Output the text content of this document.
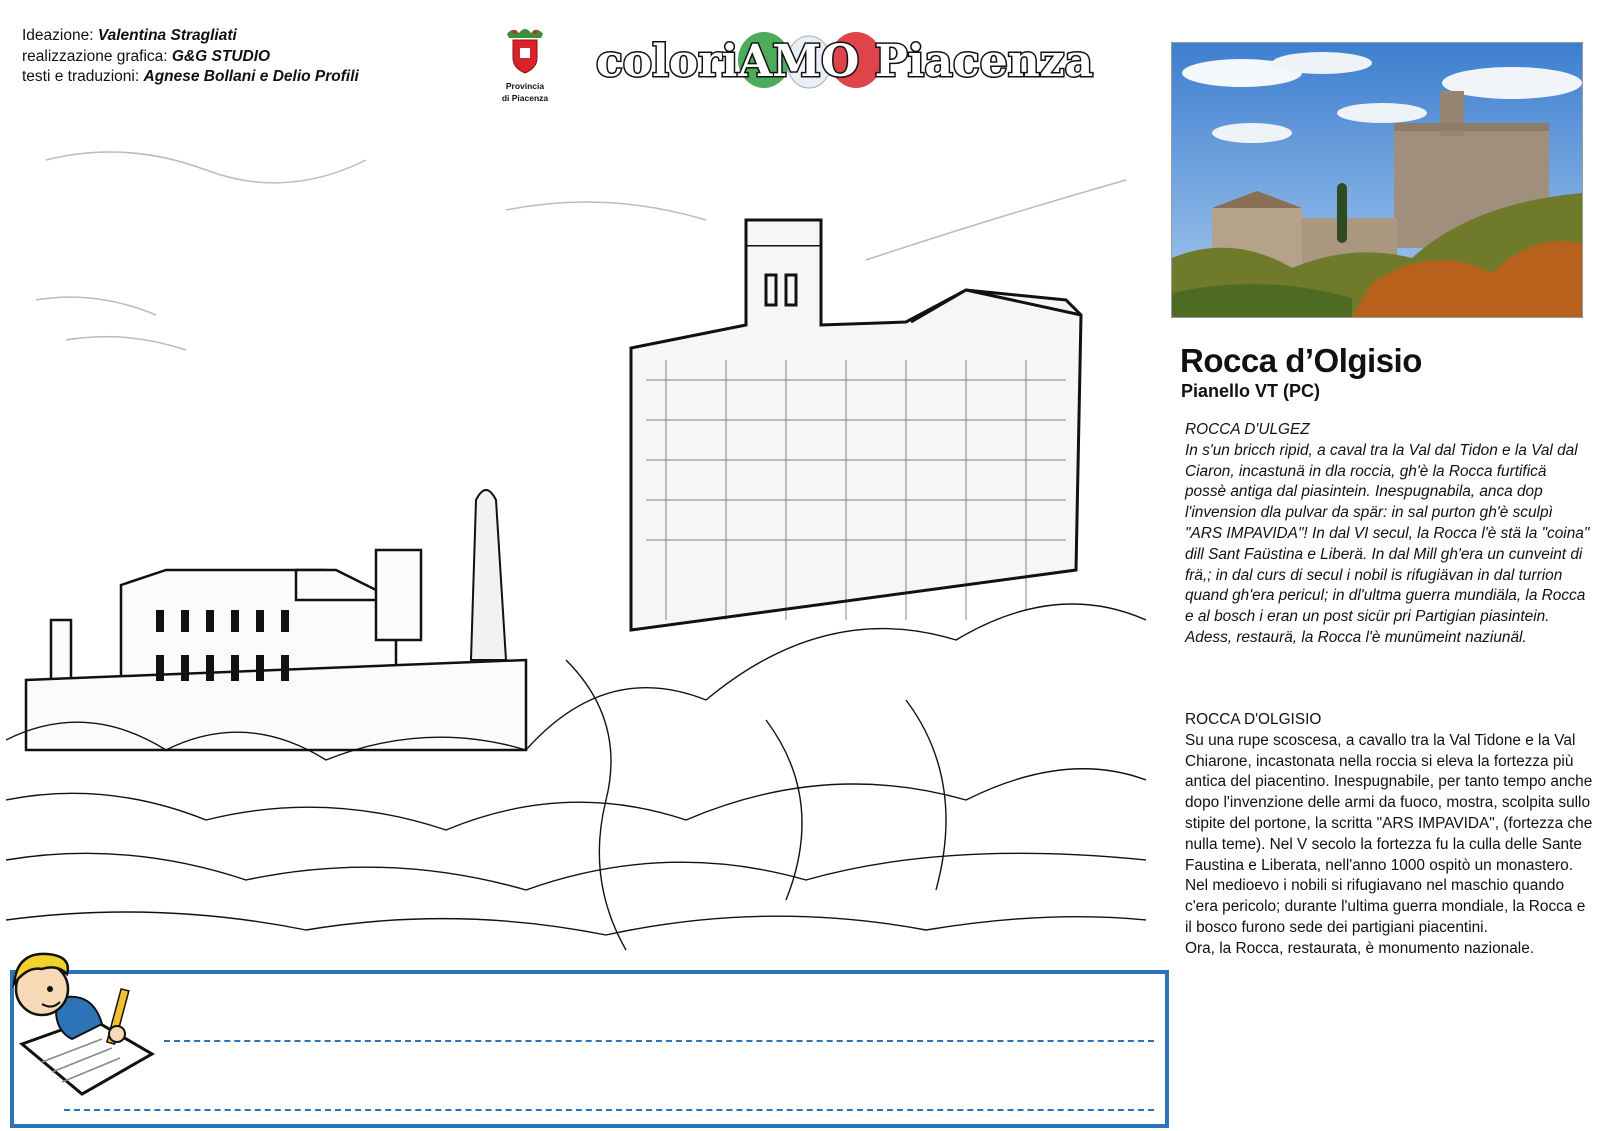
Ideazione: Valentina Stragliati
realizzazione grafica: G&G STUDIO
testi e traduzioni: Agnese Bollani e Delio Profili
Provincia
di Piacenza
coloriAMO Piacenza
Rocca d’Olgisio
Pianello VT (PC)
ROCCA D'ULGEZ
In s'un bricch ripid, a caval tra la Val dal Tidon e la Val dal Ciaron, incastunä in dla roccia, gh'è la Rocca furtificä possè antiga dal piasintein. Inespugnabila, anca dop l'invension dla pulvar da spär: in sal purton gh'è sculpì "ARS IMPAVIDA"! In dal VI secul, la Rocca l'è stä la "coina" dill Sant Faüstina e Liberä. In dal Mill gh'era un cunveint di frä,; in dal curs di secul i nobil is rifugiävan in dal turrion quand gh'era pericul; in dl'ultma guerra mundiäla, la Rocca e al bosch i eran un post sicür pri Partigian piasintein. Adess, restaurä, la Rocca l'è munümeint naziunäl.
ROCCA D'OLGISIO
Su una rupe scoscesa, a cavallo tra la Val Tidone e la Val Chiarone, incastonata nella roccia si eleva la fortezza più antica del piacentino. Inespugnabile, per tanto tempo anche dopo l'invenzione delle armi da fuoco, mostra, scolpita sullo stipite del portone, la scritta "ARS IMPAVIDA", (fortezza che nulla teme). Nel V secolo la fortezza fu la culla delle Sante Faustina e Liberata, nell'anno 1000 ospitò un monastero. Nel medioevo i nobili si rifugiavano nel maschio quando c'era pericolo; durante l'ultima guerra mondiale, la Rocca e il bosco furono sede dei partigiani piacentini.
Ora, la Rocca, restaurata, è monumento nazionale.
